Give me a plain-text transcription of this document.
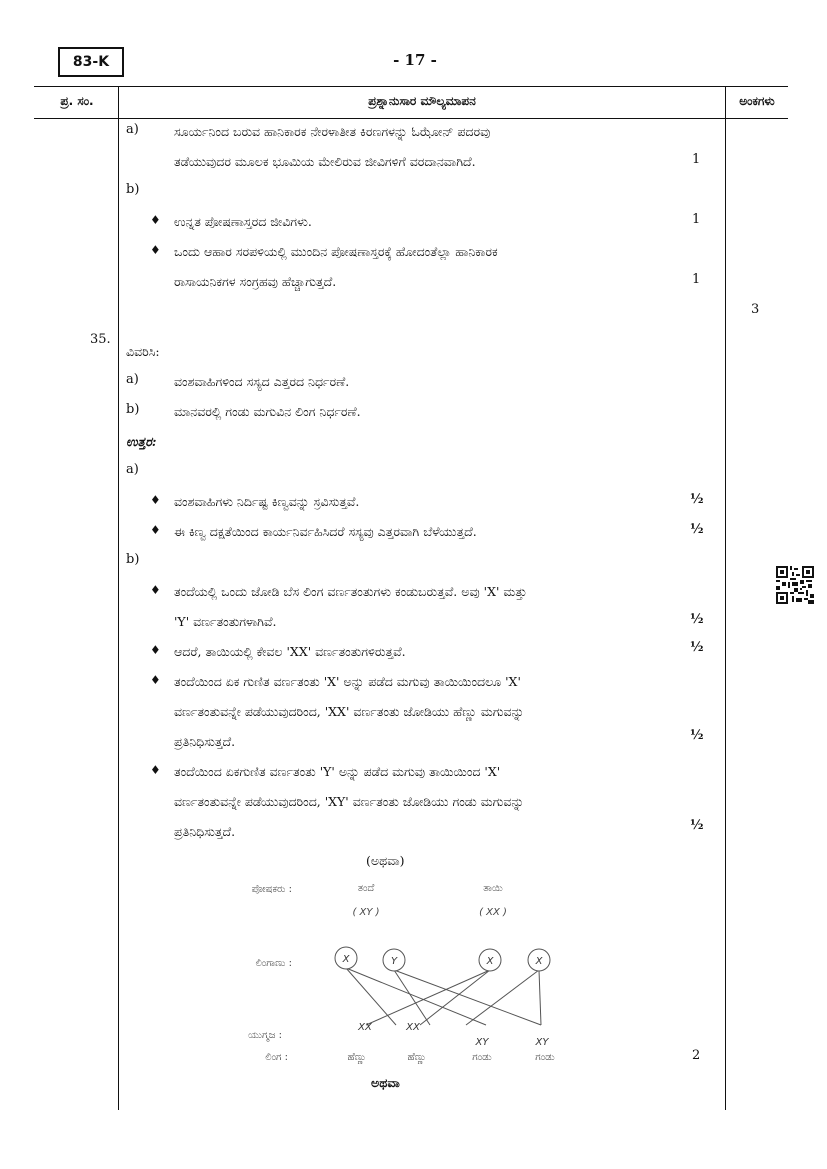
83-K	- 17 -
ಪ್ರ. ಸಂ.	ಪ್ರಶ್ನಾನುಸಾರ ಮೌಲ್ಯಮಾಪನ	ಅಂಕಗಳು
a)	ಸೂರ್ಯನಿಂದ ಬರುವ ಹಾನಿಕಾರಕ ನೇರಳಾತೀತ ಕಿರಣಗಳನ್ನು ಓಝೋನ್ ಪದರವು
ತಡೆಯುವುದರ ಮೂಲಕ ಭೂಮಿಯ ಮೇಲಿರುವ ಜೀವಿಗಳಿಗೆ ವರದಾನವಾಗಿದೆ.	1
b)
♦ ಉನ್ನತ ಪೋಷಣಾಸ್ತರದ ಜೀವಿಗಳು.	1
♦ ಒಂದು ಆಹಾರ ಸರಪಳಿಯಲ್ಲಿ ಮುಂದಿನ ಪೋಷಣಾಸ್ತರಕ್ಕೆ ಹೋದಂತೆಲ್ಲಾ ಹಾನಿಕಾರಕ
ರಾಸಾಯನಿಕಗಳ ಸಂಗ್ರಹವು ಹೆಚ್ಚಾಗುತ್ತದೆ.	1
3
35.
ವಿವರಿಸಿ:
a)	ವಂಶವಾಹಿಗಳಿಂದ ಸಸ್ಯದ ಎತ್ತರದ ನಿರ್ಧರಣೆ.
b)	ಮಾನವರಲ್ಲಿ ಗಂಡು ಮಗುವಿನ ಲಿಂಗ ನಿರ್ಧರಣೆ.
ಉತ್ತರ:
a)
♦ ವಂಶವಾಹಿಗಳು ನಿರ್ದಿಷ್ಟ ಕಿಣ್ವವನ್ನು ಸ್ರವಿಸುತ್ತವೆ.	½
♦ ಈ ಕಿಣ್ವ ದಕ್ಷತೆಯಿಂದ ಕಾರ್ಯನಿರ್ವಹಿಸಿದರೆ ಸಸ್ಯವು ಎತ್ತರವಾಗಿ ಬೆಳೆಯುತ್ತದೆ.	½
b)
♦ ತಂದೆಯಲ್ಲಿ ಒಂದು ಜೋಡಿ ಬೆಸ ಲಿಂಗ ವರ್ಣತಂತುಗಳು ಕಂಡುಬರುತ್ತವೆ. ಅವು 'X' ಮತ್ತು
'Y' ವರ್ಣತಂತುಗಳಾಗಿವೆ.	½
♦ ಆದರೆ, ತಾಯಿಯಲ್ಲಿ ಕೇವಲ 'XX' ವರ್ಣತಂತುಗಳಿರುತ್ತವೆ.	½
♦ ತಂದೆಯಿಂದ ಏಕ ಗುಣಿತ ವರ್ಣತಂತು 'X' ಅನ್ನು ಪಡೆದ ಮಗುವು ತಾಯಿಯಿಂದಲೂ 'X'
ವರ್ಣತಂತುವನ್ನೇ ಪಡೆಯುವುದರಿಂದ, 'XX' ವರ್ಣತಂತು ಜೋಡಿಯು ಹೆಣ್ಣು ಮಗುವನ್ನು
ಪ್ರತಿನಿಧಿಸುತ್ತದೆ.	½
♦ ತಂದೆಯಿಂದ ಏಕಗುಣಿತ ವರ್ಣತಂತು 'Y' ಅನ್ನು ಪಡೆದ ಮಗುವು ತಾಯಿಯಿಂದ 'X'
ವರ್ಣತಂತುವನ್ನೇ ಪಡೆಯುವುದರಿಂದ, 'XY' ವರ್ಣತಂತು ಜೋಡಿಯು ಗಂಡು ಮಗುವನ್ನು
ಪ್ರತಿನಿಧಿಸುತ್ತದೆ.	½
(ಅಥವಾ)
ಪೋಷಕರು :	ತಂದೆ
( XY )
ತಾಯಿ
( XX )
ಲಿಂಗಾಣು :	X	Y	X	X
ಯುಗ್ಮಜ :
ಲಿಂಗ :
XX	XX
XY	XY
ಹೆಣ್ಣು	ಹೆಣ್ಣು	ಗಂಡು	ಗಂಡು	2
ಅಥವಾ
